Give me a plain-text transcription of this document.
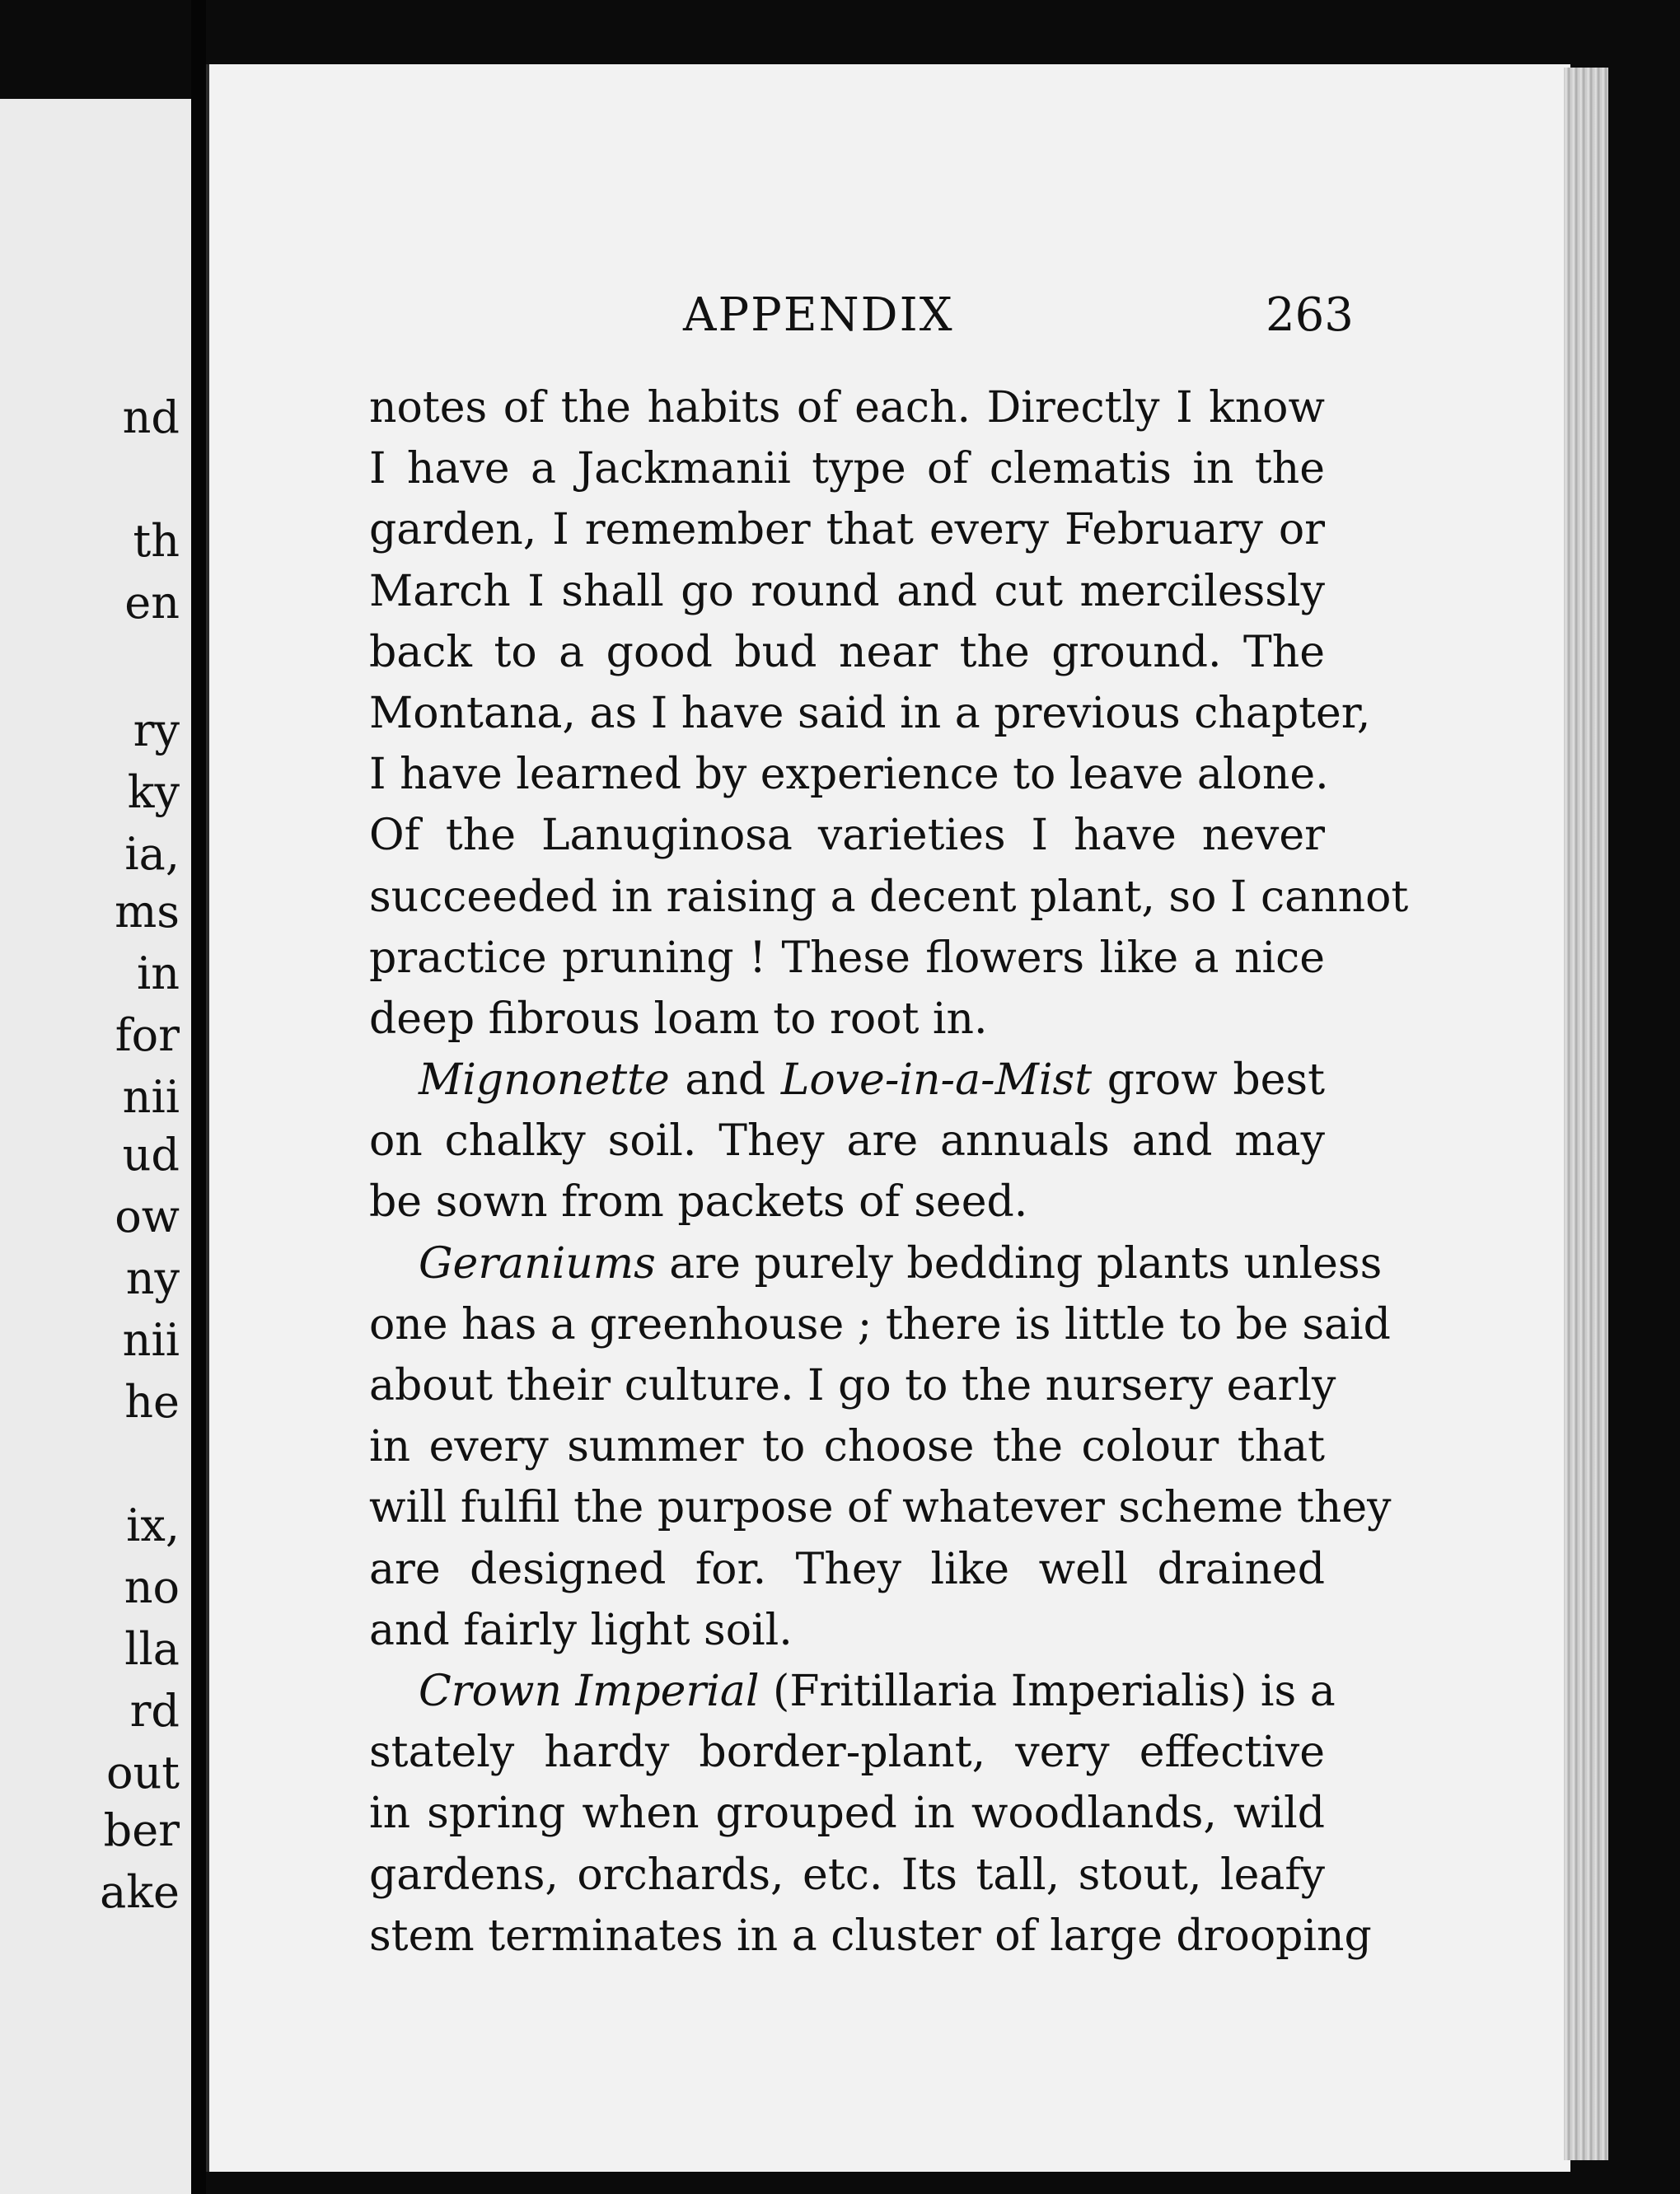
nd
th
en
ry
ky
ia,
ms
in
for
nii
ud
ow
ny
nii
he
ix,
no
lla
rd
out
ber
ake
APPENDIX	263
notes of the habits of each. Directly I know
I have a Jackmanii type of clematis in the
garden, I remember that every February or
March I shall go round and cut mercilessly
back to a good bud near the ground. The
Montana, as I have said in a previous chapter,
I have learned by experience to leave alone.
Of the Lanuginosa varieties I have never
succeeded in raising a decent plant, so I cannot
practice pruning ! These flowers like a nice
deep fibrous loam to root in.
Mignonette and Love-in-a-Mist grow best
on chalky soil. They are annuals and may
be sown from packets of seed.
Geraniums are purely bedding plants unless
one has a greenhouse ; there is little to be said
about their culture. I go to the nursery early
in every summer to choose the colour that
will fulfil the purpose of whatever scheme they
are designed for. They like well drained
and fairly light soil.
Crown Imperial (Fritillaria Imperialis) is a
stately hardy border-plant, very effective
in spring when grouped in woodlands, wild
gardens, orchards, etc. Its tall, stout, leafy
stem terminates in a cluster of large drooping
